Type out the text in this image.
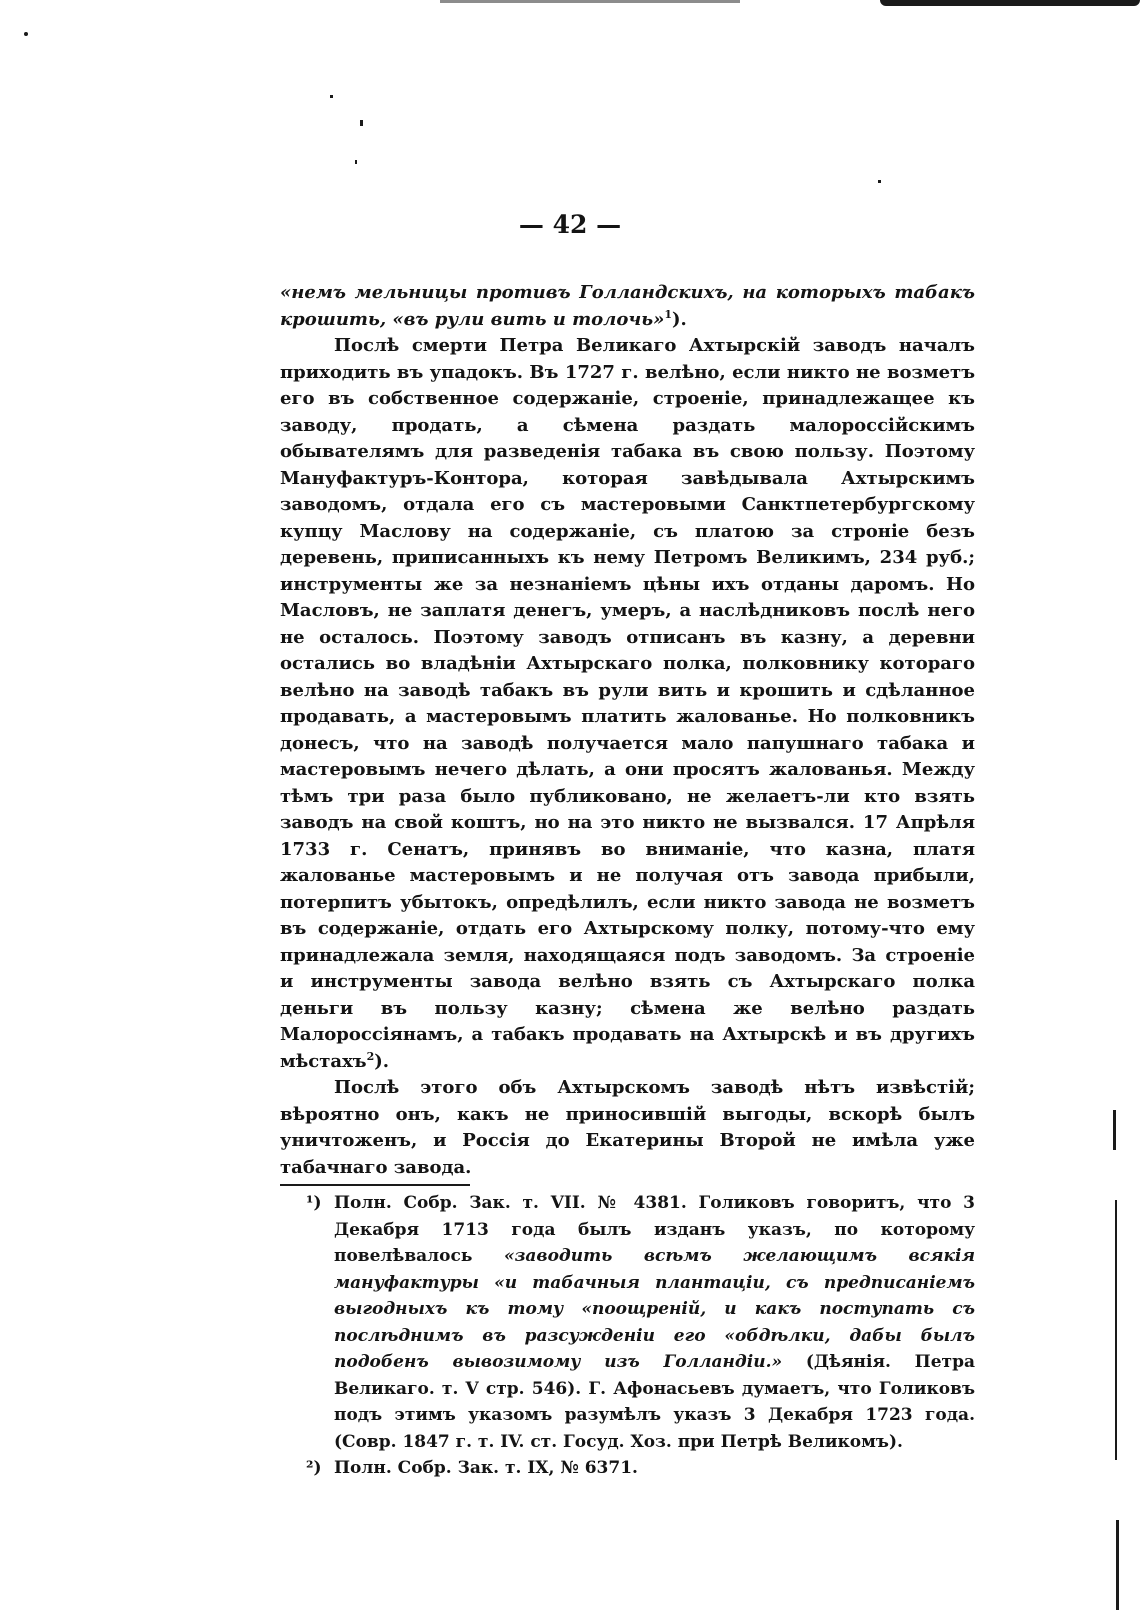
— 42 —

«немъ мельницы противъ Голландскихъ, на которыхъ табакъ крошить, «въ рули вить и толочь»$^1$).

Послѣ смерти Петра Великаго Ахтырскій заводъ началъ приходить въ упадокъ. Въ 1727 г. велѣно, если никто не возметъ его въ собственное содержаніе, строеніе, принадлежащее къ заводу, продать, а сѣмена раздать малороссійскимъ обывателямъ для разведенія табака въ свою пользу. Поэтому Мануфактуръ-Контора, которая завѣдывала Ахтырскимъ заводомъ, отдала его съ мастеровыми Санктпетербургскому купцу Маслову на содержаніе, съ платою за строніе безъ деревень, приписанныхъ къ нему Петромъ Великимъ, 234 руб.; инструменты же за незнаніемъ цѣны ихъ отданы даромъ. Но Масловъ, не заплатя денегъ, умеръ, а наслѣдниковъ послѣ него не осталось. Поэтому заводъ отписанъ въ казну, а деревни остались во владѣніи Ахтырскаго полка, полковнику котораго велѣно на заводѣ табакъ въ рули вить и крошить и сдѣланное продавать, а мастеровымъ платить жалованье. Но полковникъ донесъ, что на заводѣ получается мало папушнаго табака и мастеровымъ нечего дѣлать, а они просятъ жалованья. Между тѣмъ три раза было публиковано, не желаетъ-ли кто взять заводъ на свой коштъ, но на это никто не вызвался. 17 Апрѣля 1733 г. Сенатъ, принявъ во вниманіе, что казна, платя жалованье мастеровымъ и не получая отъ завода прибыли, потерпитъ убытокъ, опредѣлилъ, если никто завода не возметъ въ содержаніе, отдать его Ахтырскому полку, потому-что ему принадлежала земля, находящаяся подъ заводомъ. За строеніе и инструменты завода велѣно взять съ Ахтырскаго полка деньги въ пользу казну; сѣмена же велѣно раздать Малороссіянамъ, а табакъ продавать на Ахтырскѣ и въ другихъ мѣстахъ$^2$).

Послѣ этого объ Ахтырскомъ заводѣ нѣтъ извѣстій; вѣроятно онъ, какъ не приносившій выгоды, вскорѣ былъ уничтоженъ, и Россія до Екатерины Второй не имѣла уже табачнаго завода.

¹) Полн. Собр. Зак. т. VII. № 4381. Голиковъ говоритъ, что 3 Декабря 1713 года былъ изданъ указъ, по которому повелѣвалось «заводить всѣмъ желающимъ всякія мануфактуры «и табачныя плантаціи, съ предписаніемъ выгодныхъ къ тому «поощреній, и какъ поступать съ послѣднимъ въ разсужденіи его «обдѣлки, дабы былъ подобенъ вывозимому изъ Голландіи.» (Дѣянія. Петра Великаго. т. V стр. 546). Г. Афонасьевъ думаетъ, что Голиковъ подъ этимъ указомъ разумѣлъ указъ 3 Декабря 1723 года. (Совр. 1847 г. т. IV. ст. Госуд. Хоз. при Петрѣ Великомъ).
²) Полн. Собр. Зак. т. IX, № 6371.
